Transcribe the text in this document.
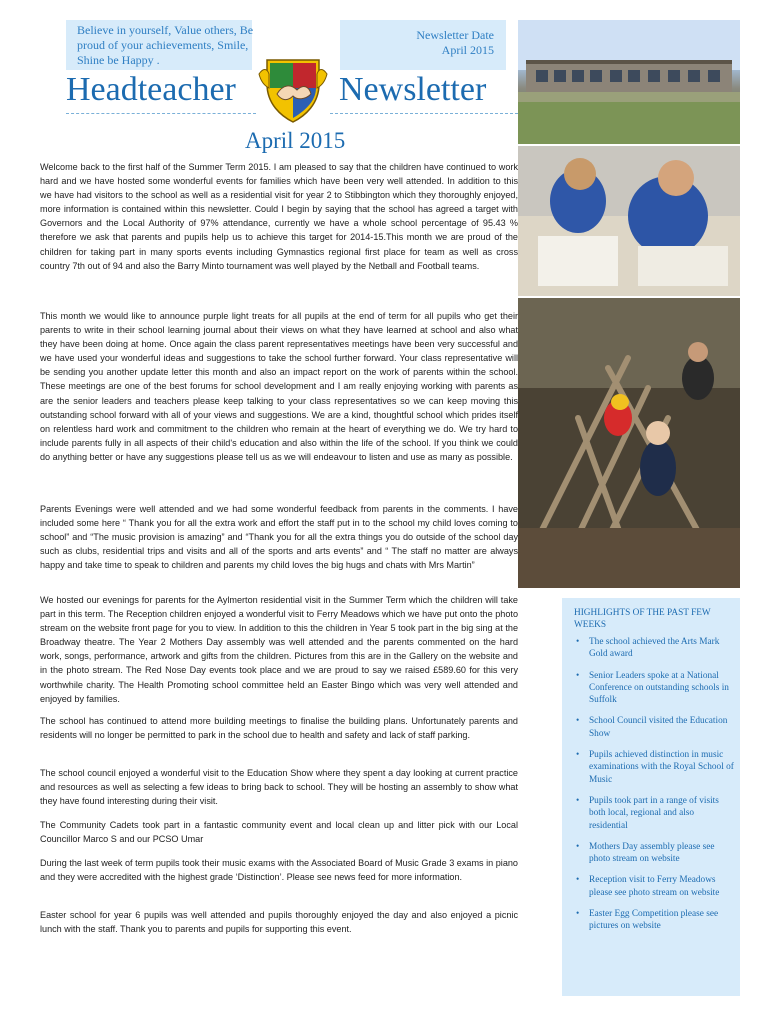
Believe in yourself, Value others, Be proud of your achievements, Smile, Shine be Happy .
Newsletter Date
April 2015
Headteacher	Newsletter
April 2015

Welcome back to the first half of the Summer Term 2015. I am pleased to say that the children have continued to work hard and we have hosted some wonderful events for families which have been very well attended. In addition to this we have had visitors to the school as well as a residential visit for year 2 to Stibbington which they thoroughly enjoyed, more information is contained within this newsletter. Could I begin by saying that the school has agreed a target with Governors and the Local Authority of 97% attendance, currently we have a whole school percentage of 95.43 % therefore we ask that parents and pupils help us to achieve this target for 2014-15.This month we are proud of the children for taking part in many sports events including Gymnastics regional first place for team as well as cross country 7th out of 94 and also the Barry Minto tournament was well played by the Netball and Football teams.

This month we would like to announce purple light treats for all pupils at the end of term for all pupils who get their parents to write in their school learning journal about their views on what they have learned at school and also what they have been doing at home. Once again the class parent representatives meetings have been very successful and we have used your wonderful ideas and suggestions to take the school further forward. Your class representative will be sending you another update letter this month and also an impact report on the work of parents within the school. These meetings are one of the best forums for school development and I am really enjoying working with parents as are the senior leaders and teachers please keep talking to your class representatives so we can keep moving this outstanding school forward with all of your views and suggestions. We are a kind, thoughtful school which prides itself on relentless hard work and commitment to the children who remain at the heart of everything we do. We try hard to include parents fully in all aspects of their child's education and also within the life of the school. If you think we could do anything better or have any suggestions please tell us as we will endeavour to listen and use as many as possible.

Parents Evenings were well attended and we had some wonderful feedback from parents in the comments. I have included some here “ Thank you for all the extra work and effort the staff put in to the school my child loves coming to school” and “The music provision is amazing” and “Thank you for all the extra things you do outside of the school day such as clubs, residential trips and visits and all of the sports and arts events” and “ The staff no matter are always happy and take time to speak to children and parents my child loves the big hugs and chats with Mrs Martin”

We hosted our evenings for parents for the Aylmerton residential visit in the Summer Term which the children will take part in this term. The Reception children enjoyed a wonderful visit to Ferry Meadows which we have put onto the photo stream on the website front page for you to view. In addition to this the children in Year 5 took part in the big sing at the Broadway theatre. The Year 2 Mothers Day assembly was well attended and the parents commented on the hard work, songs, performance, artwork and gifts from the children. Pictures from this are in the Gallery on the website and in the photo stream. The Red Nose Day events took place and we are proud to say we raised £589.60 for this very worthwhile charity. The Health Promoting school committee held an Easter Bingo which was very well attended and enjoyed by families.

The school has continued to attend more building meetings to finalise the building plans. Unfortunately parents and residents will no longer be permitted to park in the school due to health and safety and lack of staff parking.

The school council enjoyed a wonderful visit to the Education Show where they spent a day looking at current practice and resources as well as selecting a few ideas to bring back to school. They will be hosting an assembly to show what they have found interesting during their visit.

The Community Cadets took part in a fantastic community event and local clean up and litter pick with our Local Councillor Marco S and our PCSO Umar

During the last week of term pupils took their music exams with the Associated Board of Music Grade 3 exams in piano and they were accredited with the highest grade ‘Distinction’. Please see news feed for more information.

Easter school for year 6 pupils was well attended and pupils thoroughly enjoyed the day and also enjoyed a picnic lunch with the staff. Thank you to parents and pupils for supporting this event.

HIGHLIGHTS OF THE PAST FEW WEEKS
• The school achieved the Arts Mark Gold award
• Senior Leaders spoke at a National Conference on outstanding schools in Suffolk
• School Council visited the Education Show
• Pupils achieved distinction in music examinations with the Royal School of Music
• Pupils took part in a range of visits both local, regional and also residential
• Mothers Day assembly please see photo stream on website
• Reception visit to Ferry Meadows please see photo stream on website
• Easter Egg Competition please see pictures on website
